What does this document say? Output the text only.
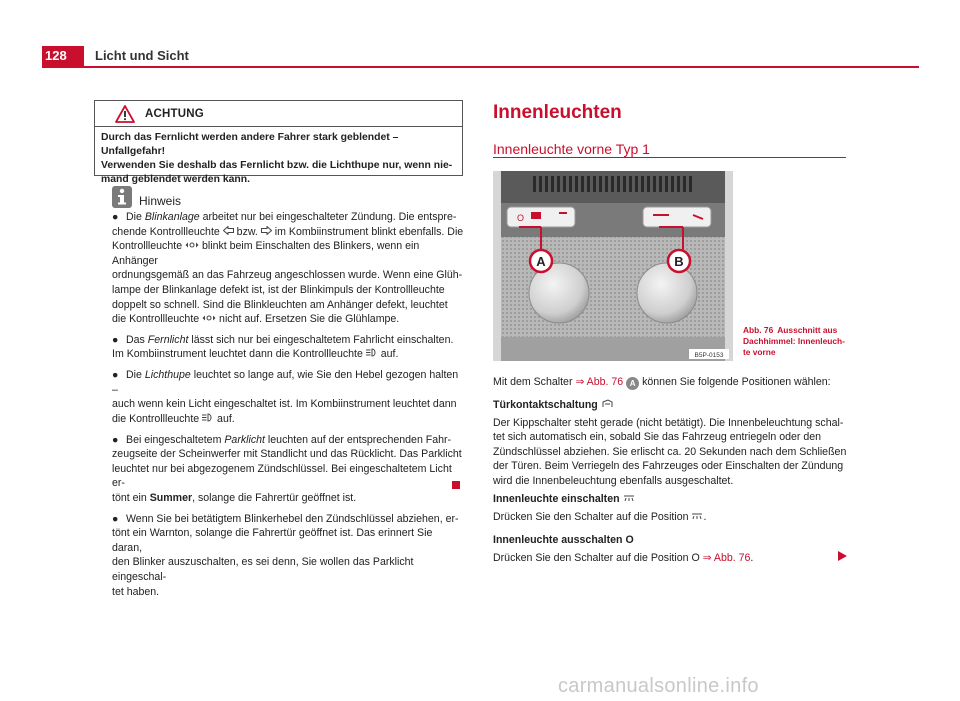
128	Licht und Sicht
ACHTUNG
Durch das Fernlicht werden andere Fahrer stark geblendet – Unfallgefahr!
Verwenden Sie deshalb das Fernlicht bzw. die Lichthupe nur, wenn nie-
mand geblendet werden kann.
Hinweis

● Die Blinkanlage arbeitet nur bei eingeschalteter Zündung. Die entspre-
chende Kontrollleuchte  bzw.  im Kombiinstrument blinkt ebenfalls. Die
Kontrollleuchte  blinkt beim Einschalten des Blinkers, wenn ein Anhänger
ordnungsgemäß an das Fahrzeug angeschlossen wurde. Wenn eine Glüh-
lampe der Blinkanlage defekt ist, ist der Blinkimpuls der Kontrollleuchte
doppelt so schnell. Sind die Blinkleuchten am Anhänger defekt, leuchtet
die Kontrollleuchte  nicht auf. Ersetzen Sie die Glühlampe.

● Das Fernlicht lässt sich nur bei eingeschaltetem Fahrlicht einschalten.
Im Kombiinstrument leuchtet dann die Kontrollleuchte  auf.

● Die Lichthupe leuchtet so lange auf, wie Sie den Hebel gezogen halten –
auch wenn kein Licht eingeschaltet ist. Im Kombiinstrument leuchtet dann
die Kontrollleuchte  auf.

● Bei eingeschaltetem Parklicht leuchten auf der entsprechenden Fahr-
zeugseite der Scheinwerfer mit Standlicht und das Rücklicht. Das Parklicht
leuchtet nur bei abgezogenem Zündschlüssel. Bei eingeschaltetem Licht er-
tönt ein Summer, solange die Fahrertür geöffnet ist.

● Wenn Sie bei betätigtem Blinkerhebel den Zündschlüssel abziehen, er-
tönt ein Warnton, solange die Fahrertür geöffnet ist. Das erinnert Sie daran,
den Blinker auszuschalten, es sei denn, Sie wollen das Parklicht eingeschal-
tet haben.

Innenleuchten
Innenleuchte vorne Typ 1
O
A	B
B5P-0153
Abb. 76 Ausschnitt aus
Dachhimmel: Innenleuch-
te vorne
Mit dem Schalter ⇒ Abb. 76 A können Sie folgende Positionen wählen:
Türkontaktschaltung
Der Kippschalter steht gerade (nicht betätigt). Die Innenbeleuchtung schal-
tet sich automatisch ein, sobald Sie das Fahrzeug entriegeln oder den
Zündschlüssel abziehen. Sie erlischt ca. 20 Sekunden nach dem Schließen
der Türen. Beim Verriegeln des Fahrzeuges oder Einschalten der Zündung
wird die Innenbeleuchtung ebenfalls ausgeschaltet.
Innenleuchte einschalten
Drücken Sie den Schalter auf die Position .
Innenleuchte ausschalten O
Drücken Sie den Schalter auf die Position O ⇒ Abb. 76.
carmanualsonline.info
